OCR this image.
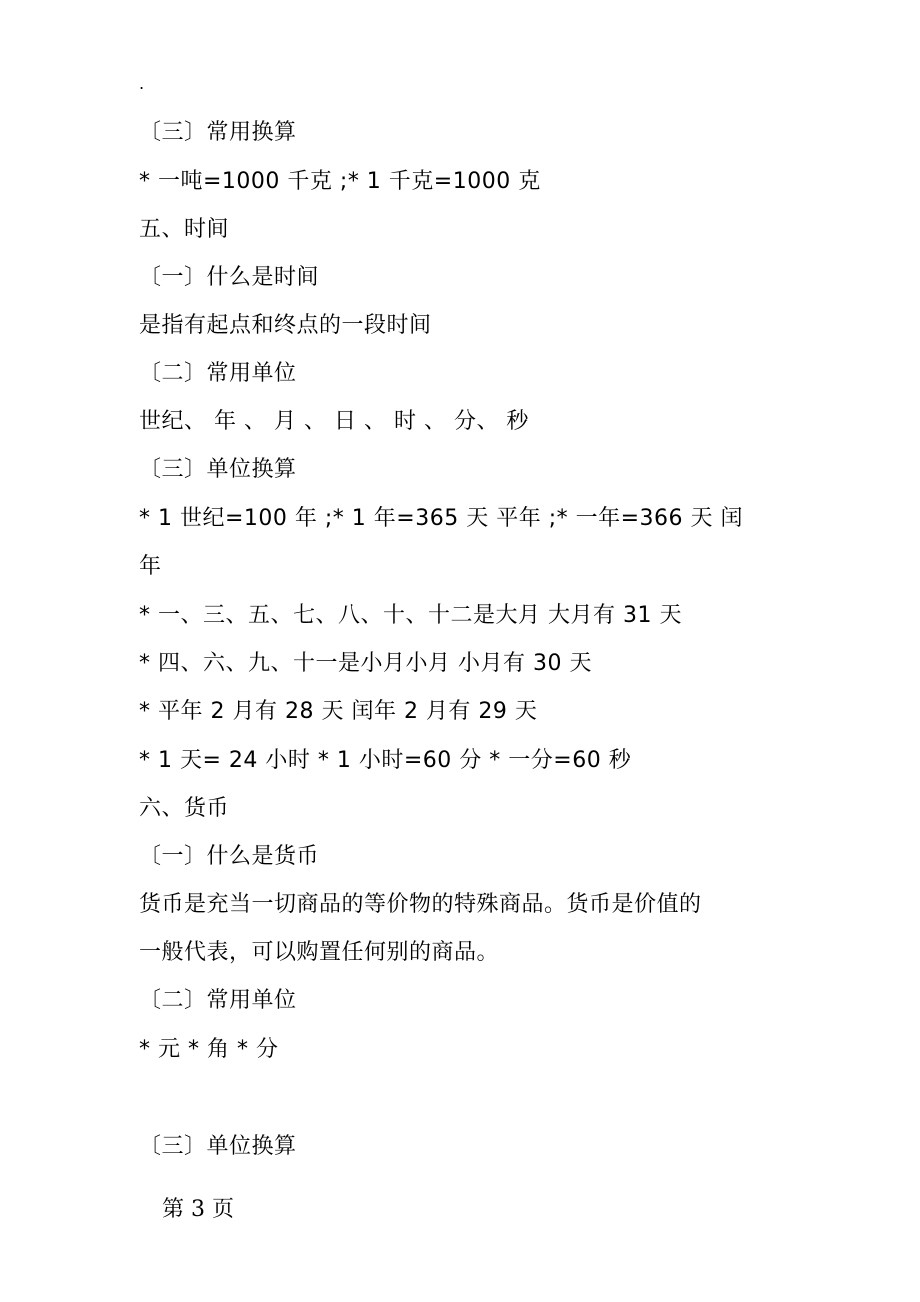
.
〔三〕常用换算
* 一吨=1000 千克 ;* 1 千克=1000 克
五、时间
〔一〕什么是时间
是指有起点和终点的一段时间
〔二〕常用单位
世纪、 年 、 月 、 日 、 时 、 分、 秒
〔三〕单位换算
* 1 世纪=100 年 ;* 1 年=365 天 平年 ;* 一年=366 天 闰
年
* 一、三、五、七、八、十、十二是大月 大月有 31 天
* 四、六、九、十一是小月小月 小月有 30 天
* 平年 2 月有 28 天 闰年 2 月有 29 天
* 1 天= 24 小时 * 1 小时=60 分 * 一分=60 秒
六、货币
〔一〕什么是货币
货币是充当一切商品的等价物的特殊商品。货币是价值的
一般代表，可以购置任何别的商品。
〔二〕常用单位
* 元 * 角 * 分
〔三〕单位换算
第 3 页
